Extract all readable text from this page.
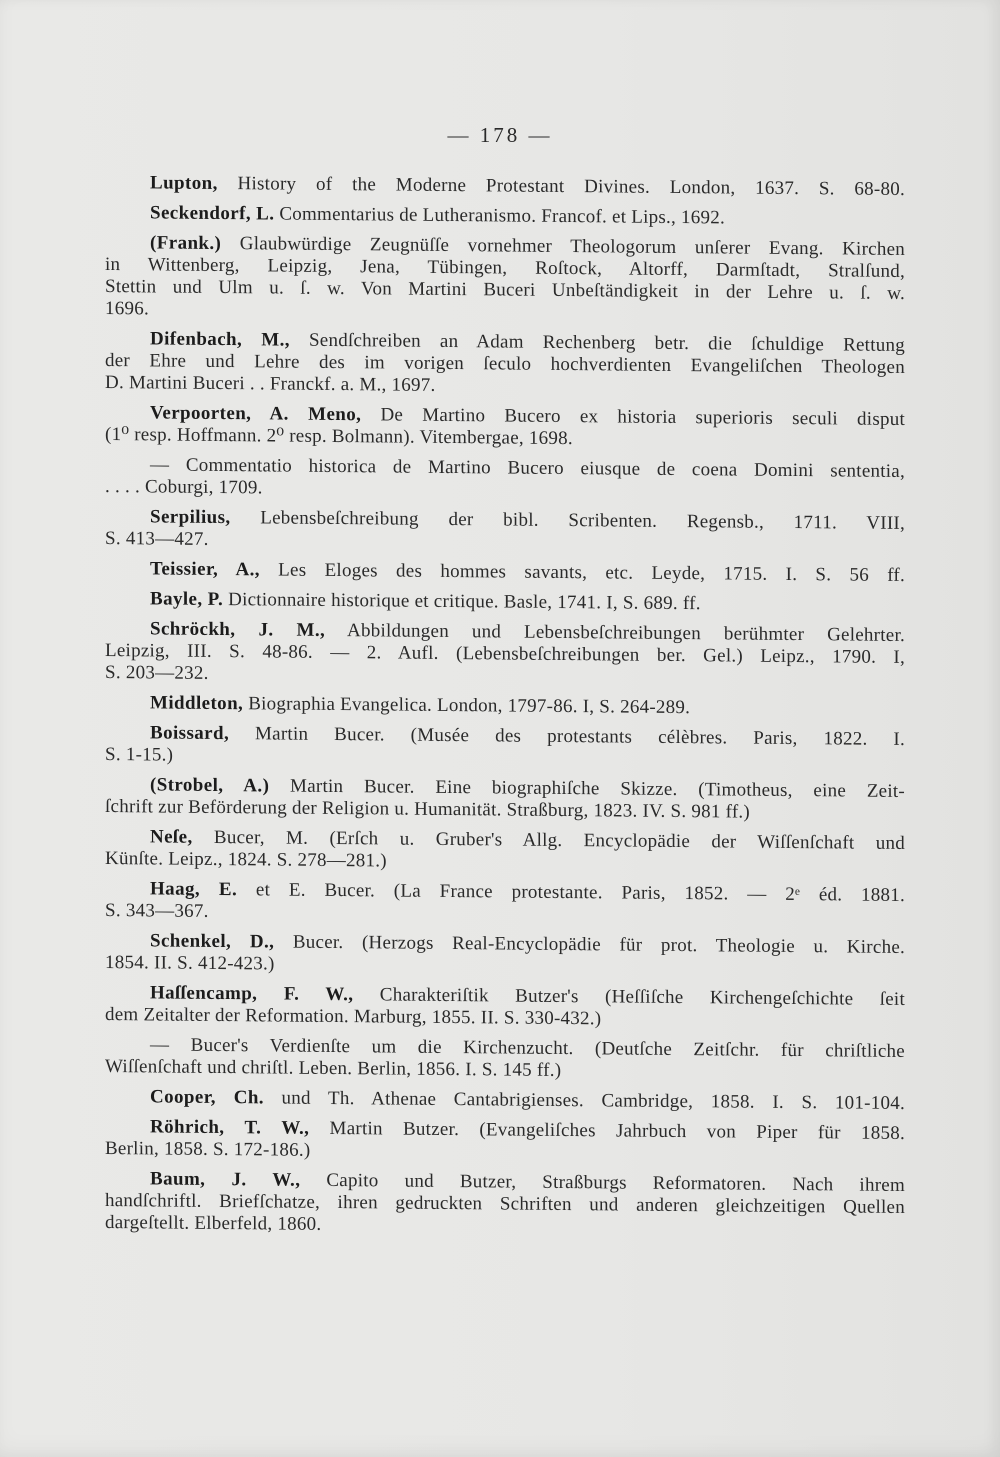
— 178 —
Lupton, History of the Moderne Protestant Divines. London, 1637. S. 68-80.
Seckendorf, L. Commentarius de Lutheranismo. Francof. et Lips., 1692.
(Frank.) Glaubwürdige Zeugnüſſe vornehmer Theologorum unſerer Evang. Kirchen
in Wittenberg, Leipzig, Jena, Tübingen, Roſtock, Altorff, Darmſtadt, Stralſund,
Stettin und Ulm u. ſ. w. Von Martini Buceri Unbeſtändigkeit in der Lehre u. ſ. w.
1696.
Difenbach, M., Sendſchreiben an Adam Rechenberg betr. die ſchuldige Rettung
der Ehre und Lehre des im vorigen ſeculo hochverdienten Evangeliſchen Theologen
D. Martini Buceri . . Franckf. a. M., 1697.
Verpoorten, A. Meno, De Martino Bucero ex historia superioris seculi disput
(1⁰ resp. Hoffmann. 2⁰ resp. Bolmann). Vitembergae, 1698.
— Commentatio historica de Martino Bucero eiusque de coena Domini sententia,
. . . . Coburgi, 1709.
Serpilius, Lebensbeſchreibung der bibl. Scribenten. Regensb., 1711. VIII,
S. 413—427.
Teissier, A., Les Eloges des hommes savants, etc. Leyde, 1715. I. S. 56 ff.
Bayle, P. Dictionnaire historique et critique. Basle, 1741. I, S. 689. ff.
Schröckh, J. M., Abbildungen und Lebensbeſchreibungen berühmter Gelehrter.
Leipzig, III. S. 48-86. — 2. Aufl. (Lebensbeſchreibungen ber. Gel.) Leipz., 1790. I,
S. 203—232.
Middleton, Biographia Evangelica. London, 1797-86. I, S. 264-289.
Boissard, Martin Bucer. (Musée des protestants célèbres. Paris, 1822. I.
S. 1-15.)
(Strobel, A.) Martin Bucer. Eine biographiſche Skizze. (Timotheus, eine Zeit-
ſchrift zur Beförderung der Religion u. Humanität. Straßburg, 1823. IV. S. 981 ff.)
Neſe, Bucer, M. (Erſch u. Gruber's Allg. Encyclopädie der Wiſſenſchaft und
Künſte. Leipz., 1824. S. 278—281.)
Haag, E. et E. Bucer. (La France protestante. Paris, 1852. — 2ᵉ éd. 1881.
S. 343—367.
Schenkel, D., Bucer. (Herzogs Real-Encyclopädie für prot. Theologie u. Kirche.
1854. II. S. 412-423.)
Haſſencamp, F. W., Charakteriſtik Butzer's (Heſſiſche Kirchengeſchichte ſeit
dem Zeitalter der Reformation. Marburg, 1855. II. S. 330-432.)
— Bucer's Verdienſte um die Kirchenzucht. (Deutſche Zeitſchr. für chriſtliche
Wiſſenſchaft und chriſtl. Leben. Berlin, 1856. I. S. 145 ff.)
Cooper, Ch. und Th. Athenae Cantabrigienses. Cambridge, 1858. I. S. 101-104.
Röhrich, T. W., Martin Butzer. (Evangeliſches Jahrbuch von Piper für 1858.
Berlin, 1858. S. 172-186.)
Baum, J. W., Capito und Butzer, Straßburgs Reformatoren. Nach ihrem
handſchriftl. Briefſchatze, ihren gedruckten Schriften und anderen gleichzeitigen Quellen
dargeſtellt. Elberfeld, 1860.
